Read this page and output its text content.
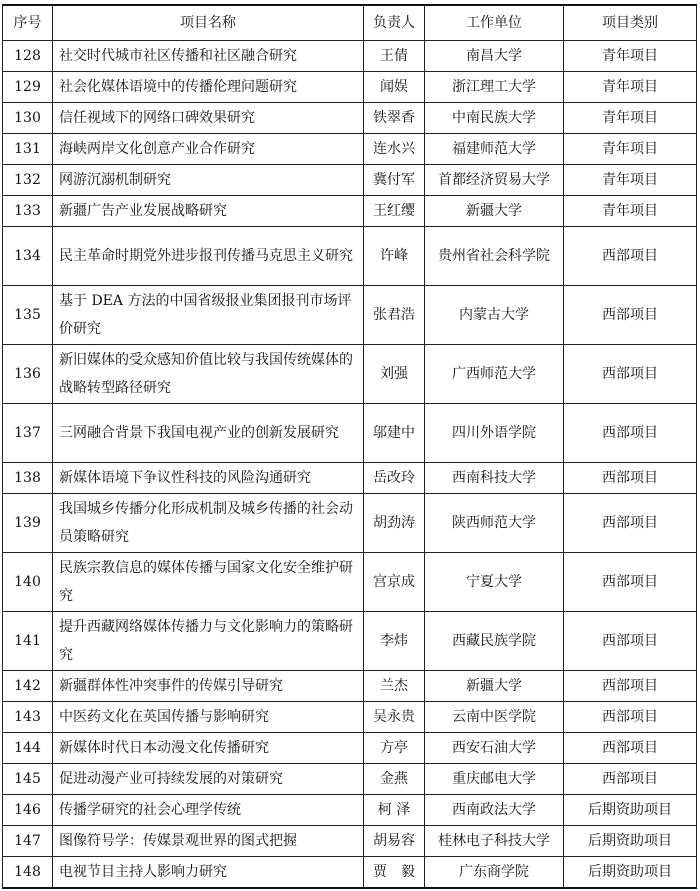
序号	项目名称	负责人	工作单位	项目类别
128	社交时代城市社区传播和社区融合研究	王倩	南昌大学	青年项目
129	社会化媒体语境中的传播伦理问题研究	闻娱	浙江理工大学	青年项目
130	信任视域下的网络口碑效果研究	铁翠香	中南民族大学	青年项目
131	海峡两岸文化创意产业合作研究	连水兴	福建师范大学	青年项目
132	网游沉溺机制研究	冀付军	首都经济贸易大学	青年项目
133	新疆广告产业发展战略研究	王红缨	新疆大学	青年项目
134	民主革命时期党外进步报刊传播马克思主义研究	许峰	贵州省社会科学院	西部项目
135	基于 DEA 方法的中国省级报业集团报刊市场评价研究	张君浩	内蒙古大学	西部项目
136	新旧媒体的受众感知价值比较与我国传统媒体的战略转型路径研究	刘强	广西师范大学	西部项目
137	三网融合背景下我国电视产业的创新发展研究	邬建中	四川外语学院	西部项目
138	新媒体语境下争议性科技的风险沟通研究	岳改玲	西南科技大学	西部项目
139	我国城乡传播分化形成机制及城乡传播的社会动员策略研究	胡劲涛	陕西师范大学	西部项目
140	民族宗教信息的媒体传播与国家文化安全维护研究	宫京成	宁夏大学	西部项目
141	提升西藏网络媒体传播力与文化影响力的策略研究	李炜	西藏民族学院	西部项目
142	新疆群体性冲突事件的传媒引导研究	兰杰	新疆大学	西部项目
143	中医药文化在英国传播与影响研究	吴永贵	云南中医学院	西部项目
144	新媒体时代日本动漫文化传播研究	方亭	西安石油大学	西部项目
145	促进动漫产业可持续发展的对策研究	金燕	重庆邮电大学	西部项目
146	传播学研究的社会心理学传统	柯 泽	西南政法大学	后期资助项目
147	图像符号学：传媒景观世界的图式把握	胡易容	桂林电子科技大学	后期资助项目
148	电视节目主持人影响力研究	贾　毅	广东商学院	后期资助项目
